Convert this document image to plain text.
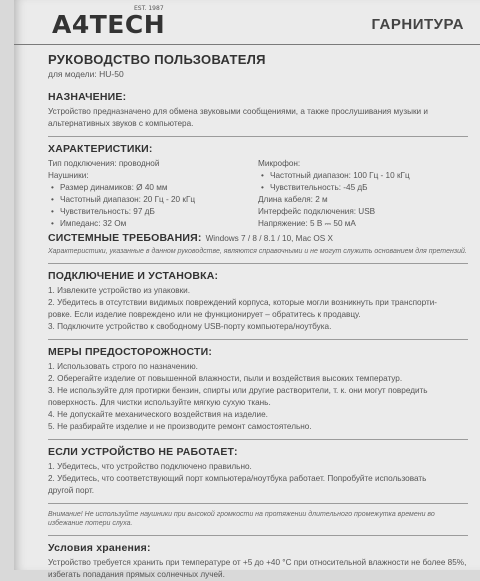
A4TECH
EST. 1987
ГАРНИТУРА
РУКОВОДСТВО ПОЛЬЗОВАТЕЛЯ
для модели: HU-50
НАЗНАЧЕНИЕ:

Устройство предназначено для обмена звуковыми сообщениями, а также прослушивания музыки и альтернативных звуков с компьютера.

ХАРАКТЕРИСТИКИ:
Тип подключения: проводной
Наушники:
• Размер динамиков: Ø 40 мм
• Частотный диапазон: 20 Гц - 20 кГц
• Чувствительность: 97 дБ
• Импеданс: 32 Ом
Микрофон:
• Частотный диапазон: 100 Гц - 10 кГц
• Чувствительность: -45 дБ
Длина кабеля: 2 м
Интерфейс подключения: USB
Напряжение: 5 В ⎓ 50 мА
СИСТЕМНЫЕ ТРЕБОВАНИЯ: Windows 7 / 8 / 8.1 / 10, Mac OS X

Характеристики, указанные в данном руководстве, являются справочными и не могут служить основанием для претензий.

ПОДКЛЮЧЕНИЕ И УСТАНОВКА:
1. Извлеките устройство из упаковки.
2. Убедитесь в отсутствии видимых повреждений корпуса, которые могли возникнуть при транспорти-
ровке. Если изделие повреждено или не функционирует – обратитесь к продавцу.
3. Подключите устройство к свободному USB-порту компьютера/ноутбука.
МЕРЫ ПРЕДОСТОРОЖНОСТИ:
1. Использовать строго по назначению.
2. Оберегайте изделие от повышенной влажности, пыли и воздействия высоких температур.
3. Не используйте для протирки бензин, спирты или другие растворители, т. к. они могут повредить
поверхность. Для чистки используйте мягкую сухую ткань.
4. Не допускайте механического воздействия на изделие.
5. Не разбирайте изделие и не производите ремонт самостоятельно.
ЕСЛИ УСТРОЙСТВО НЕ РАБОТАЕТ:
1. Убедитесь, что устройство подключено правильно.
2. Убедитесь, что соответствующий порт компьютера/ноутбука работает. Попробуйте использовать
другой порт.

Внимание! Не используйте наушники при высокой громкости на протяжении длительного промежутка времени во избежание потери слуха.

Условия хранения:

Устройство требуется хранить при температуре от +5 до +40 °С при относительной влажности не более 85%, избегать попадания прямых солнечных лучей.
